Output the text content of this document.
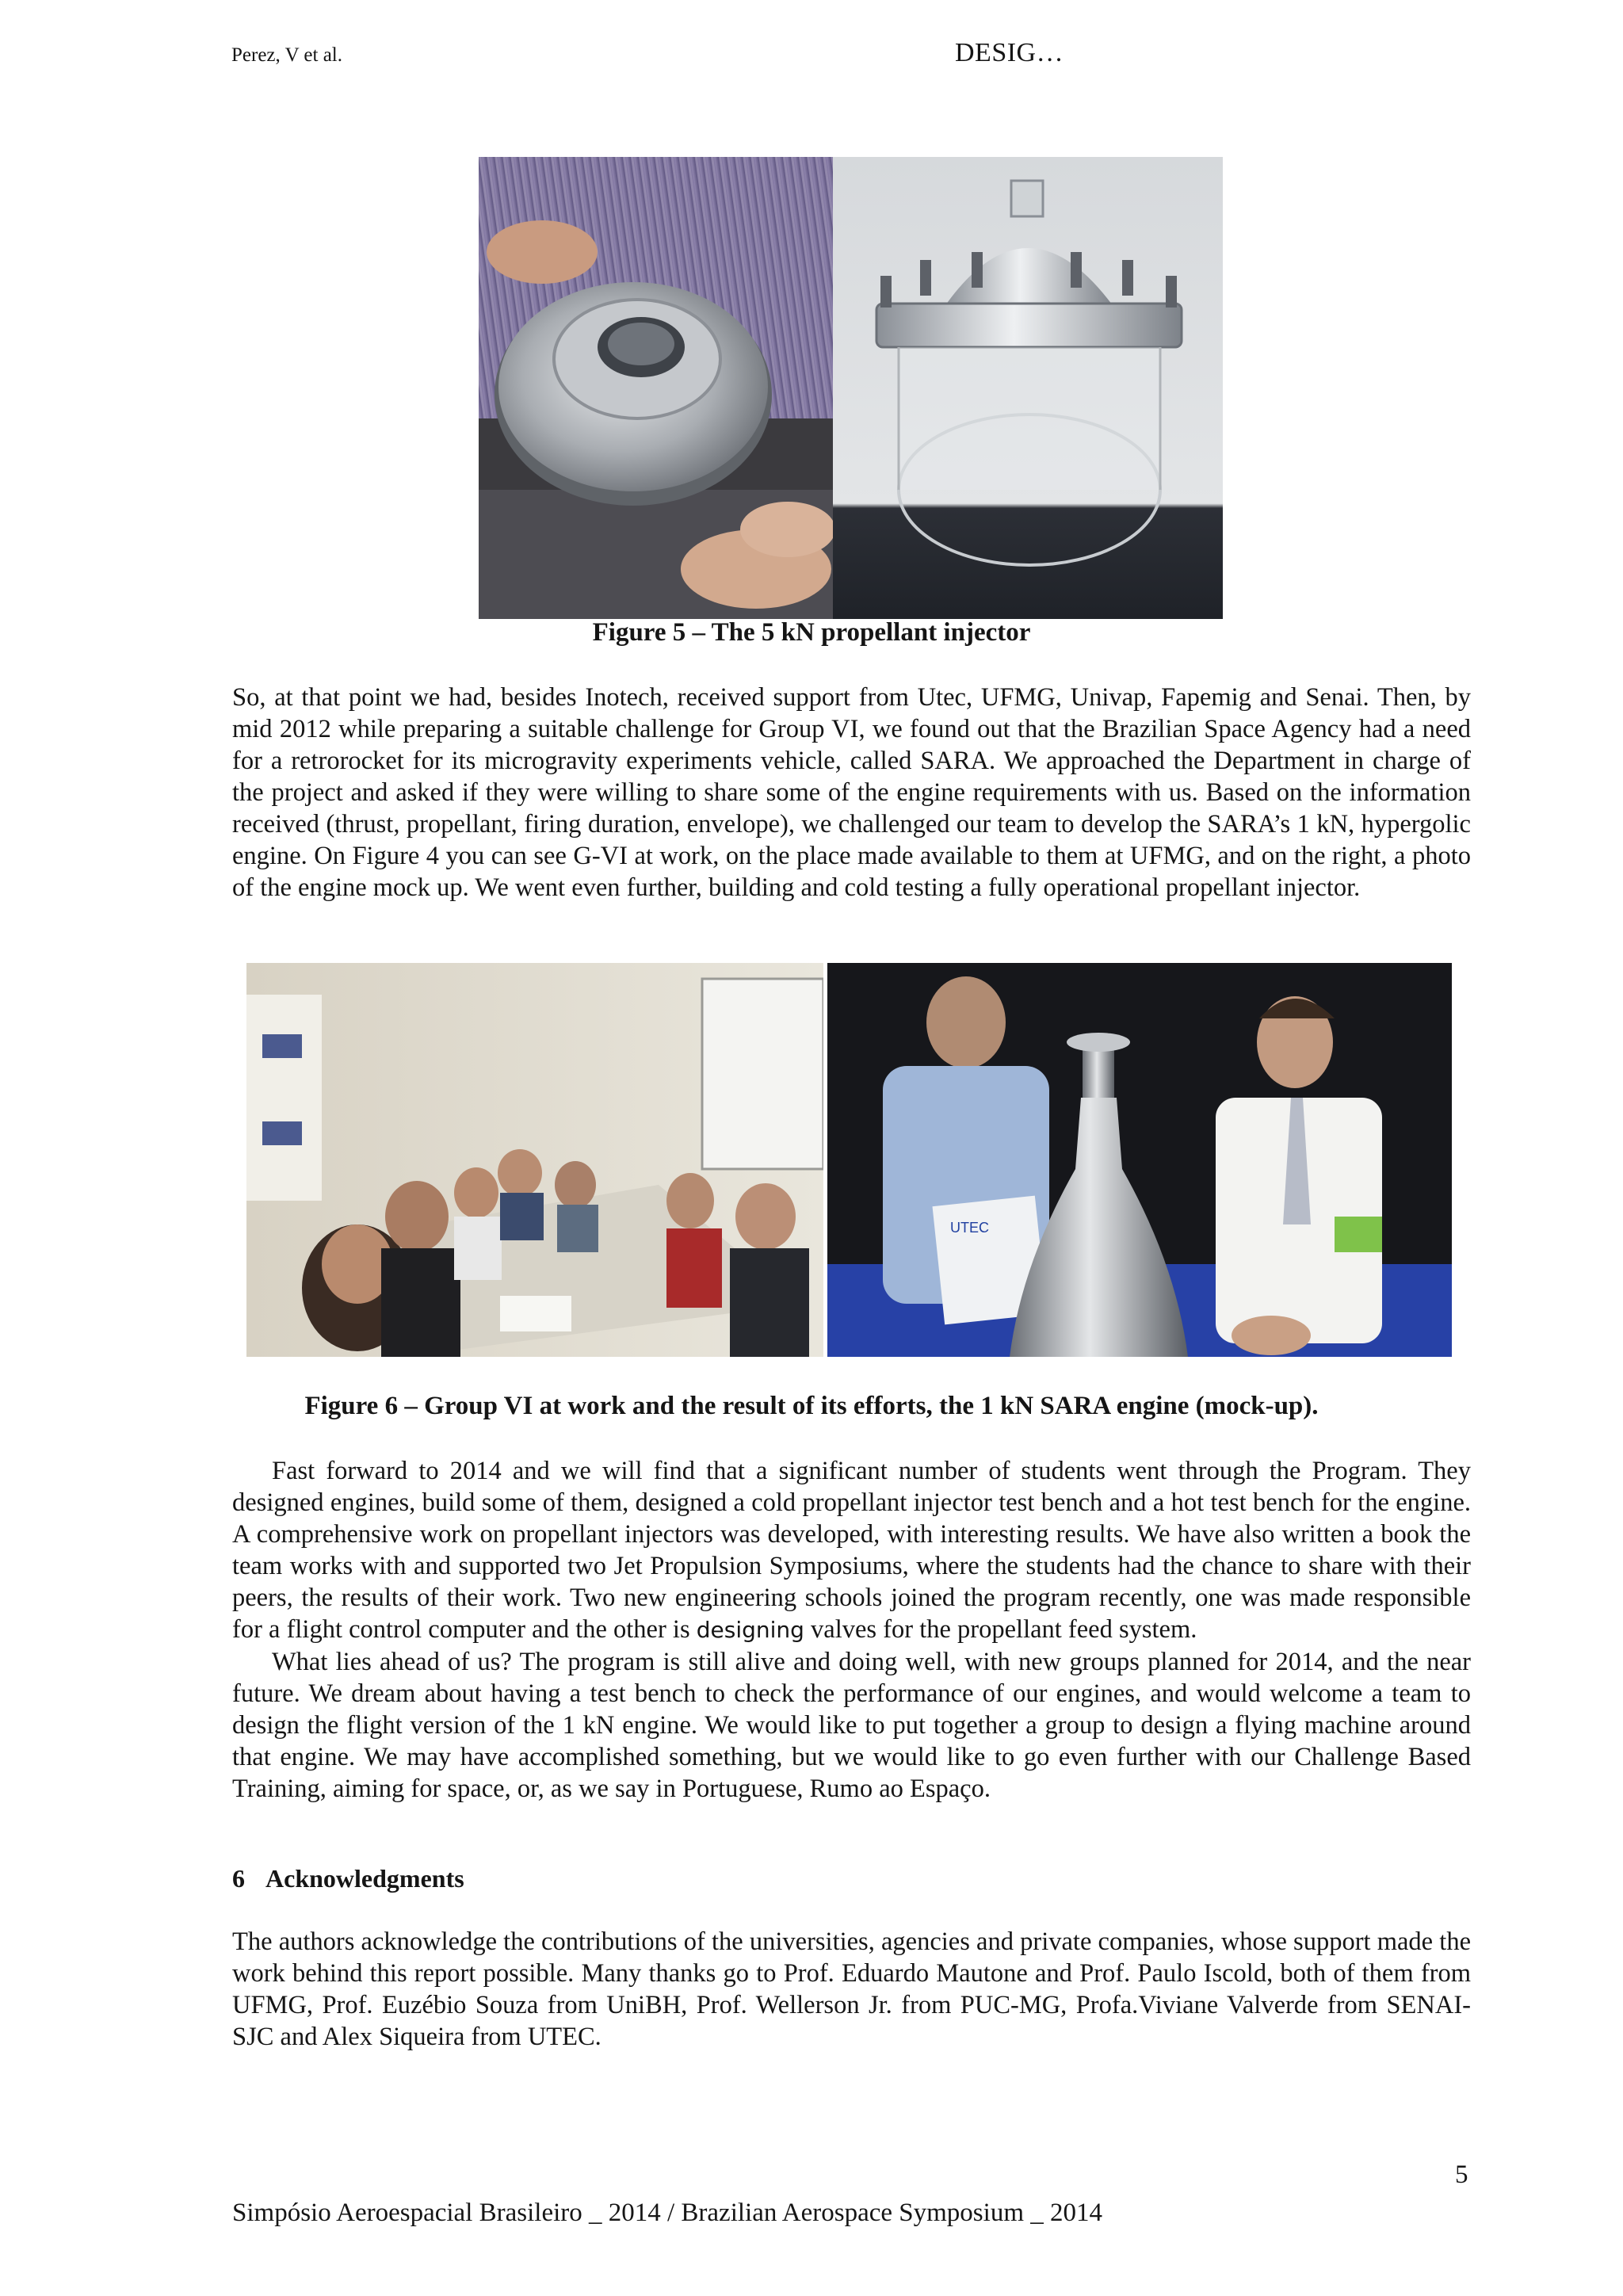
Perez, V et al.	DESIG…
Figure 5 – The 5 kN propellant injector

So, at that point we had, besides Inotech, received support from Utec, UFMG, Univap, Fapemig and Senai. Then, by mid 2012 while preparing a suitable challenge for Group VI, we found out that the Brazilian Space Agency had a need for a retrorocket for its microgravity experiments vehicle, called SARA. We approached the Department in charge of the project and asked if they were willing to share some of the engine requirements with us. Based on the information received (thrust, propellant, firing duration, envelope), we challenged our team to develop the SARA’s 1 kN, hypergolic engine. On Figure 4 you can see G-VI at work, on the place made available to them at UFMG, and on the right, a photo of the engine mock up. We went even further, building and cold testing a fully operational propellant injector.

UTEC
Figure 6 – Group VI at work and the result of its efforts, the 1 kN SARA engine (mock-up).

Fast forward to 2014 and we will find that a significant number of students went through the Program. They designed engines, build some of them, designed a cold propellant injector test bench and a hot test bench for the engine. A comprehensive work on propellant injectors was developed, with interesting results. We have also written a book the team works with and supported two Jet Propulsion Symposiums, where the students had the chance to share with their peers, the results of their work. Two new engineering schools joined the program recently, one was made responsible for a flight control computer and the other is designing valves for the propellant feed system.

What lies ahead of us? The program is still alive and doing well, with new groups planned for 2014, and the near future. We dream about having a test bench to check the performance of our engines, and would welcome a team to design the flight version of the 1 kN engine. We would like to put together a group to design a flying machine around that engine. We may have accomplished something, but we would like to go even further with our Challenge Based Training, aiming for space, or, as we say in Portuguese, Rumo ao Espaço.

6 Acknowledgments

The authors acknowledge the contributions of the universities, agencies and private companies, whose support made the work behind this report possible. Many thanks go to Prof. Eduardo Mautone and Prof. Paulo Iscold, both of them from UFMG, Prof. Euzébio Souza from UniBH, Prof. Wellerson Jr. from PUC-MG, Profa.Viviane Valverde from SENAI-SJC and Alex Siqueira from UTEC.

5
Simpósio Aeroespacial Brasileiro _ 2014 / Brazilian Aerospace Symposium _ 2014
